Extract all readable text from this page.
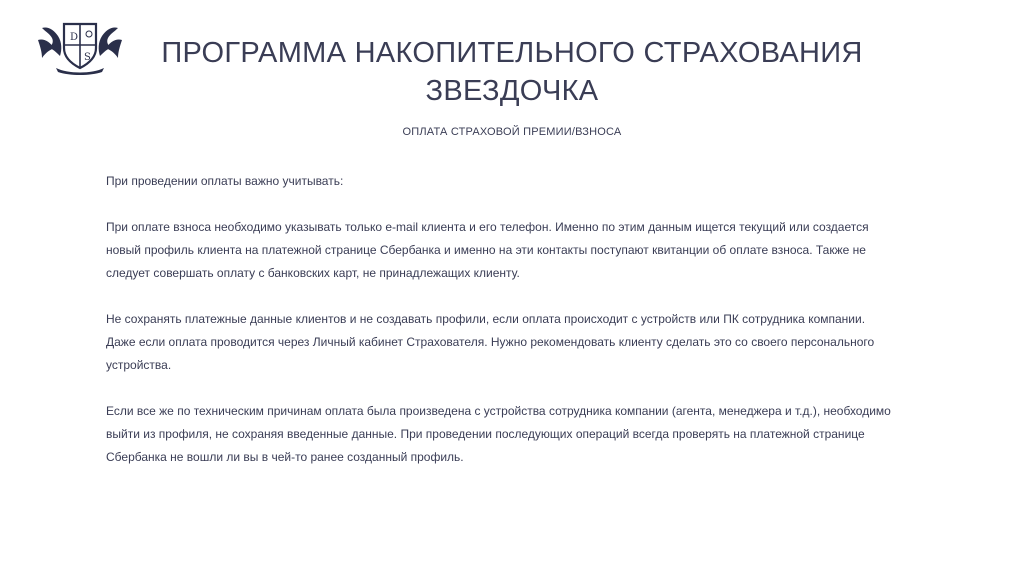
D
S	ПРОГРАММА НАКОПИТЕЛЬНОГО СТРАХОВАНИЯ
ЗВЕЗДОЧКА
ОПЛАТА СТРАХОВОЙ ПРЕМИИ/ВЗНОСА

При проведении оплаты важно учитывать:

При оплате взноса необходимо указывать только e-mail клиента и его телефон. Именно по этим данным ищется текущий или создается новый профиль клиента на платежной странице Сбербанка и именно на эти контакты поступают квитанции об оплате взноса. Также не следует совершать оплату с банковских карт, не принадлежащих клиенту.

Не сохранять платежные данные клиентов и не создавать профили, если оплата происходит с устройств или ПК сотрудника компании. Даже если оплата проводится через Личный кабинет Страхователя. Нужно рекомендовать клиенту сделать это со своего персонального устройства.

Если все же по техническим причинам оплата была произведена с устройства сотрудника компании (агента, менеджера и т.д.), необходимо выйти из профиля, не сохраняя введенные данные. При проведении последующих операций всегда проверять на платежной странице Сбербанка не вошли ли вы в чей-то ранее созданный профиль.
